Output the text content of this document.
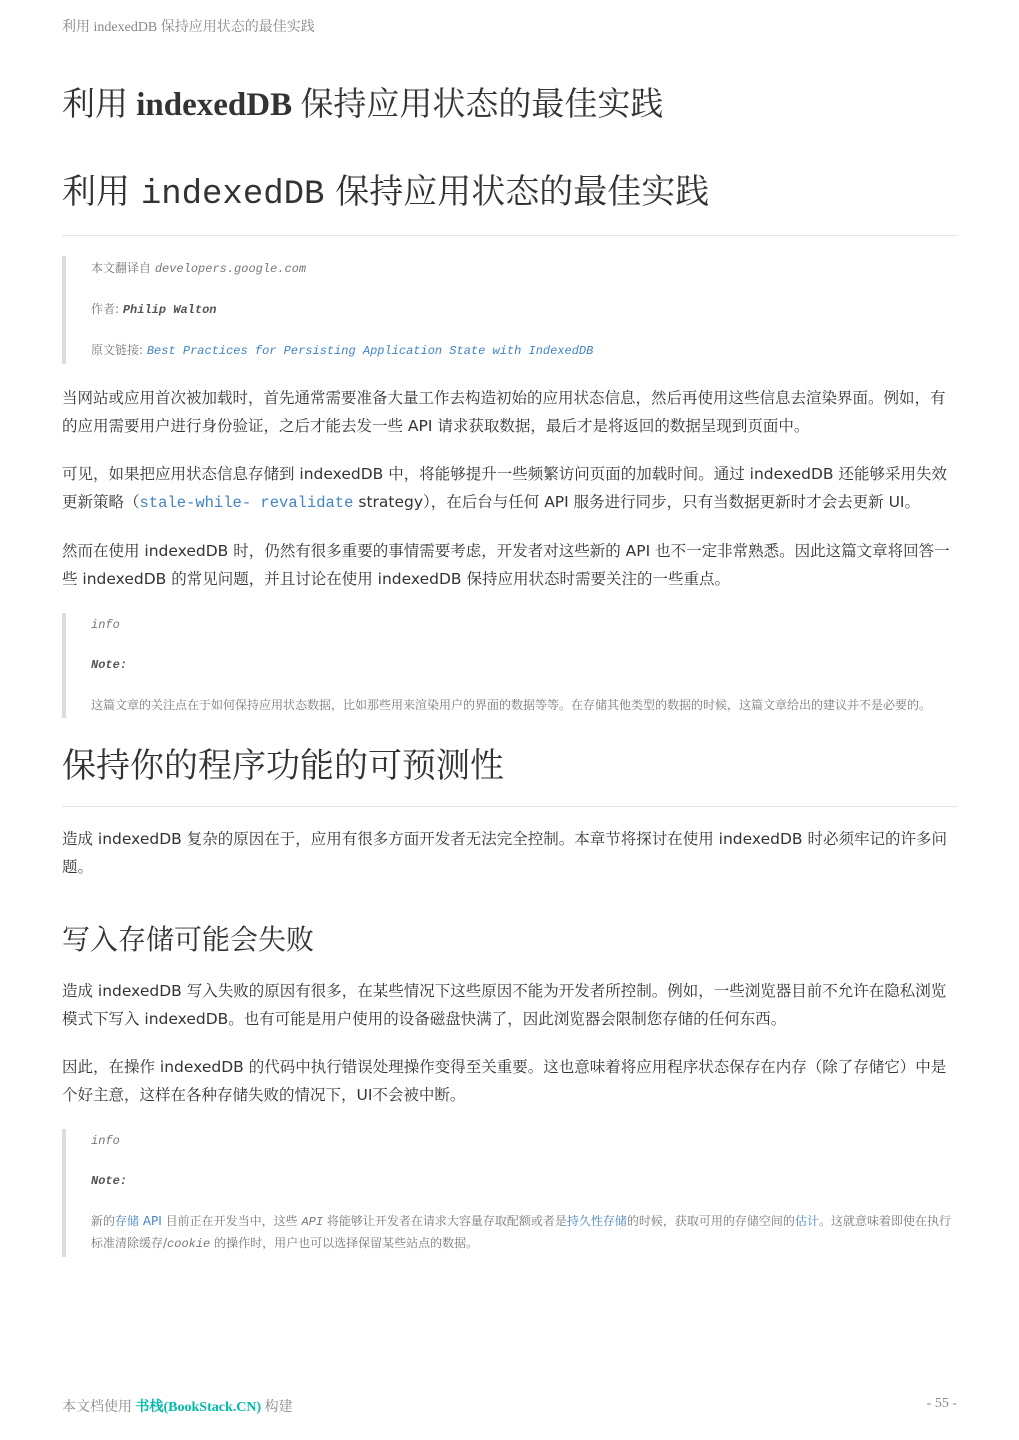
利用 indexedDB 保持应用状态的最佳实践
利用 indexedDB 保持应用状态的最佳实践
利用 indexedDB 保持应用状态的最佳实践
本文翻译自 developers.google.com
作者: Philip Walton
原文链接: Best Practices for Persisting Application State with IndexedDB

当网站或应用首次被加载时，首先通常需要准备大量工作去构造初始的应用状态信息，然后再使用这些信息去渲染界面。例如，有的应用需要用户进行身份验证，之后才能去发一些 API 请求获取数据，最后才是将返回的数据呈现到页面中。

可见，如果把应用状态信息存储到 indexedDB 中，将能够提升一些频繁访问页面的加载时间。通过 indexedDB 还能够采用失效更新策略（stale-while- revalidate strategy），在后台与任何 API 服务进行同步，只有当数据更新时才会去更新 UI。

然而在使用 indexedDB 时，仍然有很多重要的事情需要考虑，开发者对这些新的 API 也不一定非常熟悉。因此这篇文章将回答一些 indexedDB 的常见问题，并且讨论在使用 indexedDB 保持应用状态时需要关注的一些重点。

info
Note:
这篇文章的关注点在于如何保持应用状态数据，比如那些用来渲染用户的界面的数据等等。在存储其他类型的数据的时候，这篇文章给出的建议并不是必要的。
保持你的程序功能的可预测性

造成 indexedDB 复杂的原因在于，应用有很多方面开发者无法完全控制。本章节将探讨在使用 indexedDB 时必须牢记的许多问题。

写入存储可能会失败

造成 indexedDB 写入失败的原因有很多，在某些情况下这些原因不能为开发者所控制。例如，一些浏览器目前不允许在隐私浏览模式下写入 indexedDB。也有可能是用户使用的设备磁盘快满了，因此浏览器会限制您存储的任何东西。

因此，在操作 indexedDB 的代码中执行错误处理操作变得至关重要。这也意味着将应用程序状态保存在内存（除了存储它）中是个好主意，这样在各种存储失败的情况下，UI不会被中断。

info
Note:
新的存储 API 目前正在开发当中，这些 API 将能够让开发者在请求大容量存取配额或者是持久性存储的时候，获取可用的存储空间的估计。这就意味着即使在执行标准清除缓存/cookie 的操作时，用户也可以选择保留某些站点的数据。
本文档使用 书栈(BookStack.CN) 构建	- 55 -
